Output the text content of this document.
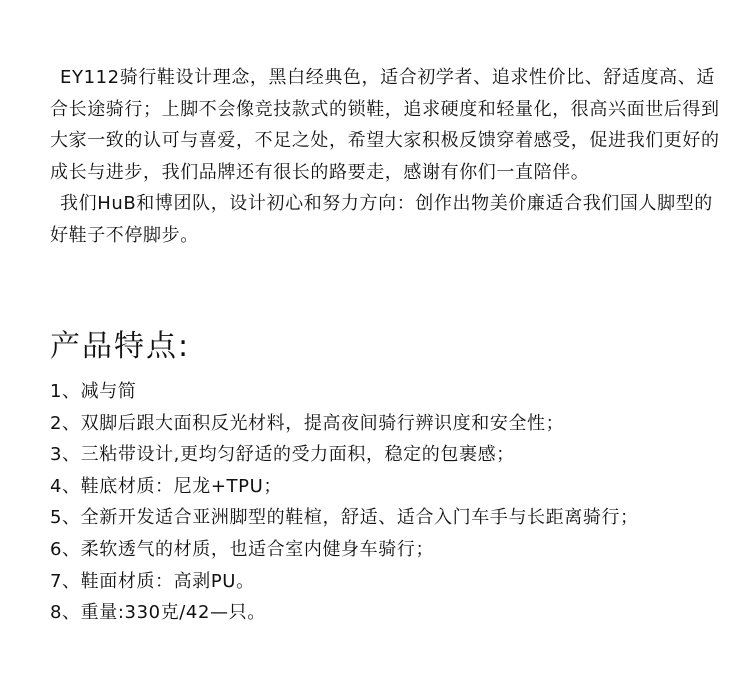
EY112骑行鞋设计理念，黑白经典色，适合初学者、追求性价比、舒适度高、适合长途骑行；上脚不会像竞技款式的锁鞋，追求硬度和轻量化，很高兴面世后得到大家一致的认可与喜爱，不足之处，希望大家积极反馈穿着感受，促进我们更好的成长与进步，我们品牌还有很长的路要走，感谢有你们一直陪伴。

我们HuB和博团队，设计初心和努力方向：创作出物美价廉适合我们国人脚型的好鞋子不停脚步。

产品特点:
1、减与简
2、双脚后跟大面积反光材料，提高夜间骑行辨识度和安全性；
3、三粘带设计,更均匀舒适的受力面积，稳定的包裹感；
4、鞋底材质：尼龙+TPU；
5、全新开发适合亚洲脚型的鞋楦，舒适、适合入门车手与长距离骑行；
6、柔软透气的材质，也适合室内健身车骑行；
7、鞋面材质：高剥PU。
8、重量:330克/42—只。
